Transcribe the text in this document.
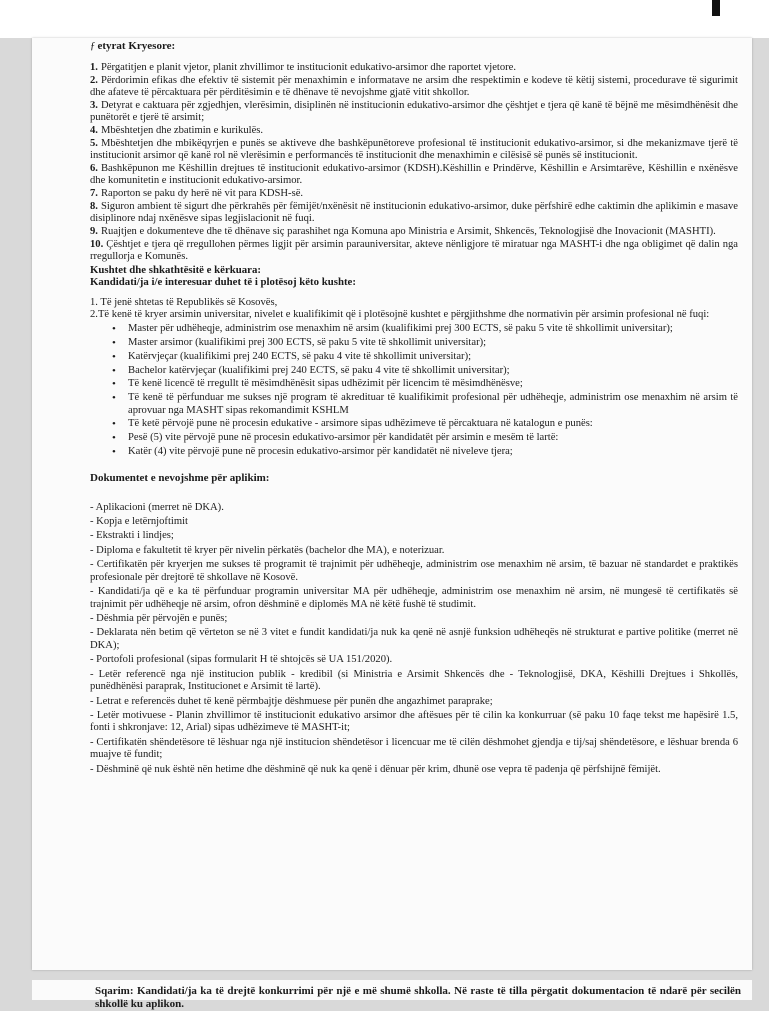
ƒ etyrat Kryesore:
1. Përgatitjen e planit vjetor, planit zhvillimor te institucionit edukativo-arsimor dhe raportet vjetore.
2. Përdorimin efikas dhe efektiv të sistemit për menaxhimin e informatave ne arsim dhe respektimin e kodeve të këtij sistemi, procedurave të sigurimit dhe afateve të përcaktuara për përditësimin e të dhënave të nevojshme gjatë vitit shkollor.
3. Detyrat e caktuara për zgjedhjen, vlerësimin, disiplinën në institucionin edukativo-arsimor dhe çështjet e tjera që kanë të bëjnë me mësimdhënësit dhe punëtorët e tjerë të arsimit;
4. Mbështetjen dhe zbatimin e kurikulës.
5. Mbështetjen dhe mbikëqyrjen e punës se aktiveve dhe bashkëpunëtoreve profesional të institucionit edukativo-arsimor, si dhe mekanizmave tjerë të institucionit arsimor që kanë rol në vlerësimin e performancës të institucionit dhe menaxhimin e cilësisë së punës së institucionit.
6. Bashkëpunon me Këshillin drejtues të institucionit edukativo-arsimor (KDSH).Këshillin e Prindërve, Këshillin e Arsimtarëve, Këshillin e nxënësve dhe komunitetin e institucionit edukativo-arsimor.
7. Raporton se paku dy herë në vit para KDSH-së.
8. Siguron ambient të sigurt dhe përkrahës për fëmijët/nxënësit në institucionin edukativo-arsimor, duke përfshirë edhe caktimin dhe aplikimin e masave disiplinore ndaj nxënësve sipas legjislacionit në fuqi.
9. Ruajtjen e dokumenteve dhe të dhënave siç parashihet nga Komuna apo Ministria e Arsimit, Shkencës, Teknologjisë dhe Inovacionit (MASHTI).
10. Çështjet e tjera që rregullohen përmes ligjit për arsimin parauniversitar, akteve nënligjore të miratuar nga MASHT-i dhe nga obligimet që dalin nga rregullorja e Komunës.
Kushtet dhe shkathtësitë e kërkuara:
Kandidati/ja i/e interesuar duhet të i plotësoj këto kushte:
1. Të jenë shtetas të Republikës së Kosovës,
2.Të kenë të kryer arsimin universitar, nivelet e kualifikimit që i plotësojnë kushtet e përgjithshme dhe normativin për arsimin profesional në fuqi:
• Master për udhëheqje, administrim ose menaxhim në arsim (kualifikimi prej 300 ECTS, së paku 5 vite të shkollimit universitar);
• Master arsimor (kualifikimi prej 300 ECTS, së paku 5 vite të shkollimit universitar);
• Katërvjeçar (kualifikimi prej 240 ECTS, së paku 4 vite të shkollimit universitar);
• Bachelor katërvjeçar (kualifikimi prej 240 ECTS, së paku 4 vite të shkollimit universitar);
• Të kenë licencë të rregullt të mësimdhënësit sipas udhëzimit për licencim të mësimdhënësve;
• Të kenë të përfunduar me sukses një program të akredituar të kualifikimit profesional për udhëheqje, administrim ose menaxhim në arsim të aprovuar nga MASHT sipas rekomandimit KSHLM
• Të ketë përvojë pune në procesin edukative - arsimore sipas udhëzimeve të përcaktuara në katalogun e punës:
• Pesë (5) vite përvojë pune në procesin edukativo-arsimor për kandidatët për arsimin e mesëm të lartë:
• Katër (4) vite përvojë pune në procesin edukativo-arsimor për kandidatët në niveleve tjera;
Dokumentet e nevojshme për aplikim:
- Aplikacioni (merret në DKA).
- Kopja e letërnjoftimit
- Ekstrakti i lindjes;
- Diploma e fakultetit të kryer për nivelin përkatës (bachelor dhe MA), e noterizuar.
- Certifikatën për kryerjen me sukses të programit të trajnimit për udhëheqje, administrim ose menaxhim në arsim, të bazuar në standardet e praktikës profesionale për drejtorë të shkollave në Kosovë.
- Kandidati/ja që e ka të përfunduar programin universitar MA për udhëheqje, administrim ose menaxhim në arsim, në mungesë të certifikatës së trajnimit për udhëheqje në arsim, ofron dëshminë e diplomës MA në këtë fushë të studimit.
- Dëshmia për përvojën e punës;
- Deklarata nën betim që vërteton se në 3 vitet e fundit kandidati/ja nuk ka qenë në asnjë funksion udhëheqës në strukturat e partive politike (merret në DKA);
- Portofoli profesional (sipas formularit H të shtojcës së UA 151/2020).
- Letër referencë nga një institucion publik - kredibil (si Ministria e Arsimit Shkencës dhe - Teknologjisë, DKA, Këshilli Drejtues i Shkollës, punëdhënësi paraprak, Institucionet e Arsimit të lartë).
- Letrat e referencës duhet të kenë përmbajtje dëshmuese për punën dhe angazhimet paraprake;
- Letër motivuese - Planin zhvillimor të institucionit edukativo arsimor dhe aftësues për të cilin ka konkurruar (së paku 10 faqe tekst me hapësirë 1.5, fonti i shkronjave: 12, Arial) sipas udhëzimeve të MASHT-it;
- Certifikatën shëndetësore të lëshuar nga një institucion shëndetësor i licencuar me të cilën dëshmohet gjendja e tij/saj shëndetësore, e lëshuar brenda 6 muajve të fundit;
- Dëshminë që nuk është nën hetime dhe dëshminë që nuk ka qenë i dënuar për krim, dhunë ose vepra të padenja që përfshijnë fëmijët.
Sqarim: Kandidati/ja ka të drejtë konkurrimi për një e më shumë shkolla. Në raste të tilla përgatit dokumentacion të ndarë për secilën shkollë ku aplikon.
